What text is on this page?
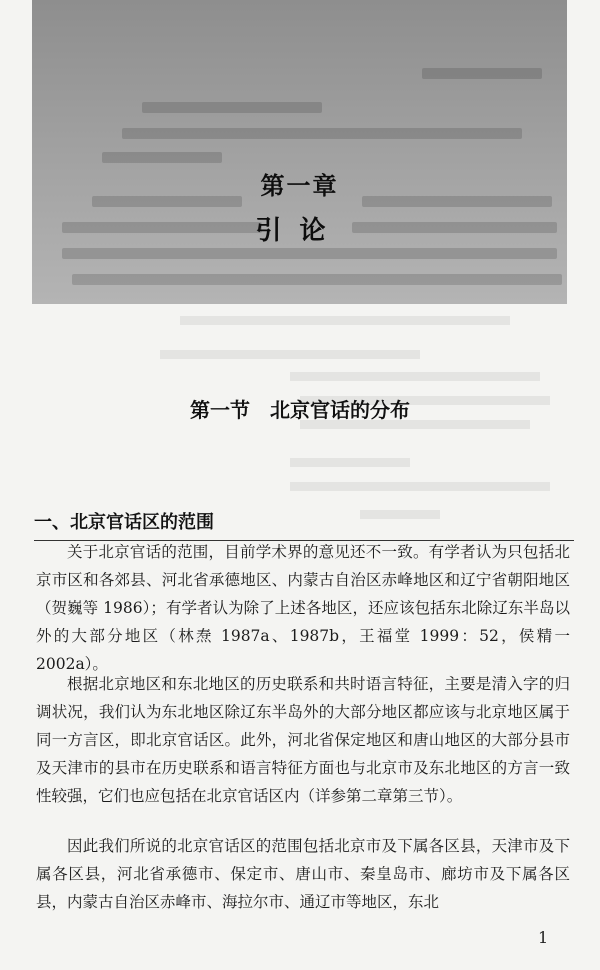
第一章
引论
第一节　北京官话的分布
一、北京官话区的范围
关于北京官话的范围，目前学术界的意见还不一致。有学者认为只包括北京市区和各郊县、河北省承德地区、内蒙古自治区赤峰地区和辽宁省朝阳地区（贺巍等 1986）；有学者认为除了上述各地区，还应该包括东北除辽东半岛以外的大部分地区（林焘 1987a、1987b，王福堂 1999：52，侯精一 2002a）。
根据北京地区和东北地区的历史联系和共时语言特征，主要是清入字的归调状况，我们认为东北地区除辽东半岛外的大部分地区都应该与北京地区属于同一方言区，即北京官话区。此外，河北省保定地区和唐山地区的大部分县市及天津市的县市在历史联系和语言特征方面也与北京市及东北地区的方言一致性较强，它们也应包括在北京官话区内（详参第二章第三节）。
因此我们所说的北京官话区的范围包括北京市及下属各区县，天津市及下属各区县，河北省承德市、保定市、唐山市、秦皇岛市、廊坊市及下属各区县，内蒙古自治区赤峰市、海拉尔市、通辽市等地区，东北
1
